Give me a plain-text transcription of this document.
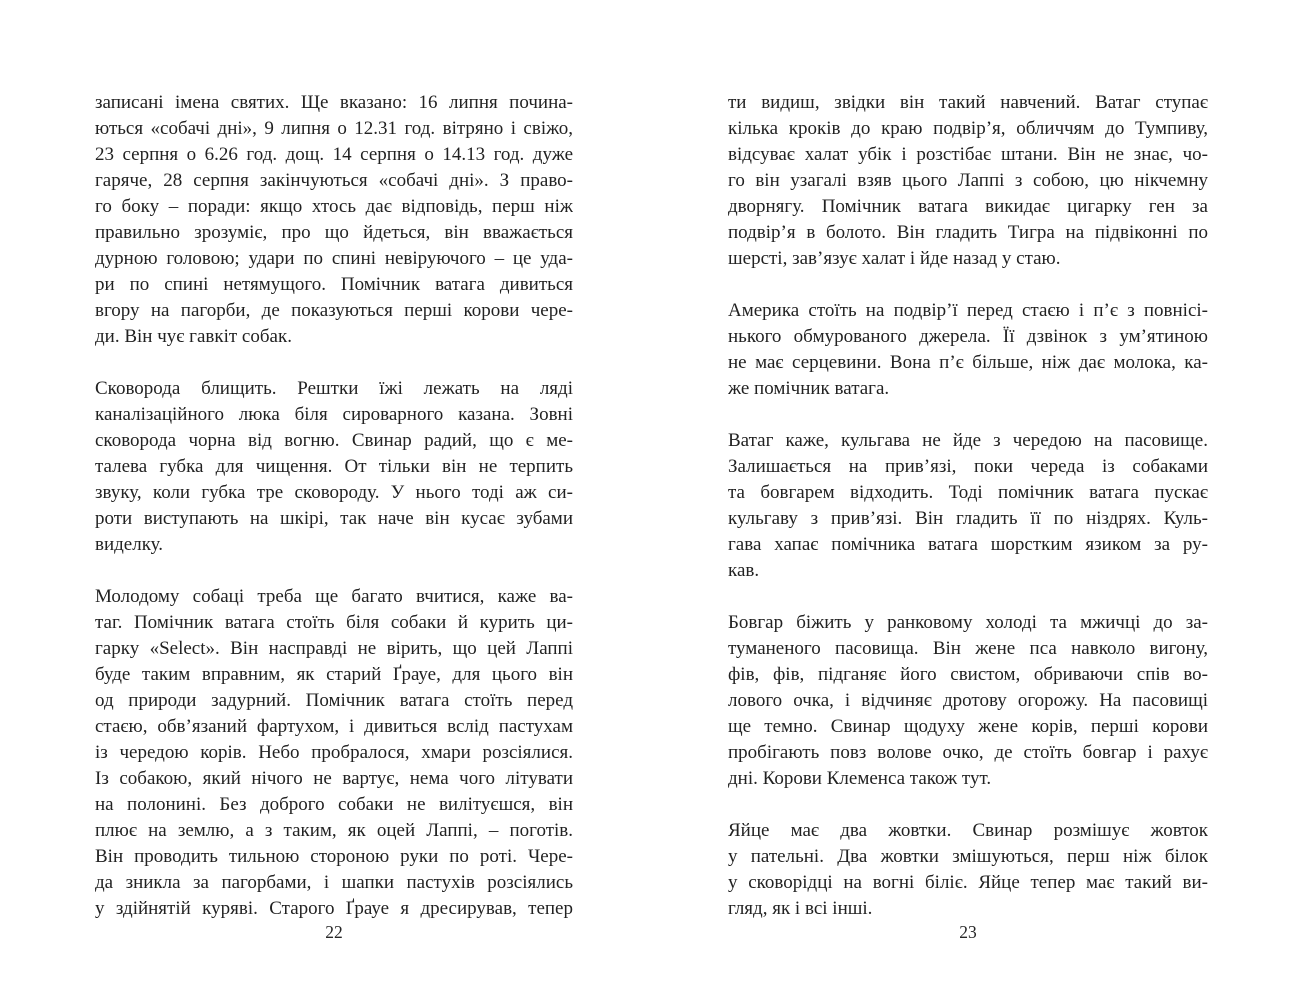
записані імена святих. Ще вказано: 16 липня почина-
ються «собачі дні», 9 липня о 12.31 год. вітряно і свіжо,
23 серпня о 6.26 год. дощ. 14 серпня о 14.13 год. дуже
гаряче, 28 серпня закінчуються «собачі дні». З право-
го боку – поради: якщо хтось дає відповідь, перш ніж
правильно зрозуміє, про що йдеться, він вважається
дурною головою; удари по спині невіруючого – це уда-
ри по спині нетямущого. Помічник ватага дивиться
вгору на пагорби, де показуються перші корови чере-
ди. Він чує гавкіт собак.

Сковорода блищить. Рештки їжі лежать на ляді
каналізаційного люка біля сироварного казана. Зовні
сковорода чорна від вогню. Свинар радий, що є ме-
талева губка для чищення. От тільки він не терпить
звуку, коли губка тре сковороду. У нього тоді аж си-
роти виступають на шкірі, так наче він кусає зубами
виделку.

Молодому собаці треба ще багато вчитися, каже ва-
таг. Помічник ватага стоїть біля собаки й курить ци-
гарку «Select». Він насправді не вірить, що цей Лаппі
буде таким вправним, як старий Ґрауе, для цього він
од природи задурний. Помічник ватага стоїть перед
стаєю, обв’язаний фартухом, і дивиться вслід пастухам
із чередою корів. Небо пробралося, хмари розсіялися.
Із собакою, який нічого не вартує, нема чого літувати
на полонині. Без доброго собаки не вилітуєшся, він
плює на землю, а з таким, як оцей Лаппі, – поготів.
Він проводить тильною стороною руки по роті. Чере-
да зникла за пагорбами, і шапки пастухів розсіялись
у здійнятій куряві. Старого Ґрауе я дресирував, тепер

22

ти видиш, звідки він такий навчений. Ватаг ступає
кілька кроків до краю подвір’я, обличчям до Тумпиву,
відсуває халат убік і розстібає штани. Він не знає, чо-
го він узагалі взяв цього Лаппі з собою, цю нікчемну
дворнягу. Помічник ватага викидає цигарку ген за
подвір’я в болото. Він гладить Тигра на підвіконні по
шерсті, зав’язує халат і йде назад у стаю.

Америка стоїть на подвір’ї перед стаєю і п’є з повнісі-
нького обмурованого джерела. Її дзвінок з ум’ятиною
не має серцевини. Вона п’є більше, ніж дає молока, ка-
же помічник ватага.

Ватаг каже, кульгава не йде з чередою на пасовище.
Залишається на прив’язі, поки череда із собаками
та бовгарем відходить. Тоді помічник ватага пускає
кульгаву з прив’язі. Він гладить її по ніздрях. Куль-
гава хапає помічника ватага шорстким язиком за ру-
кав.

Бовгар біжить у ранковому холоді та мжичці до за-
туманеного пасовища. Він жене пса навколо вигону,
фів, фів, підганяє його свистом, обриваючи спів во-
лового очка, і відчиняє дротову огорожу. На пасовищі
ще темно. Свинар щодуху жене корів, перші корови
пробігають повз волове очко, де стоїть бовгар і рахує
дні. Корови Клеменса також тут.

Яйце має два жовтки. Свинар розмішує жовток
у пательні. Два жовтки змішуються, перш ніж білок
у сковорідці на вогні біліє. Яйце тепер має такий ви-
гляд, як і всі інші.

23
